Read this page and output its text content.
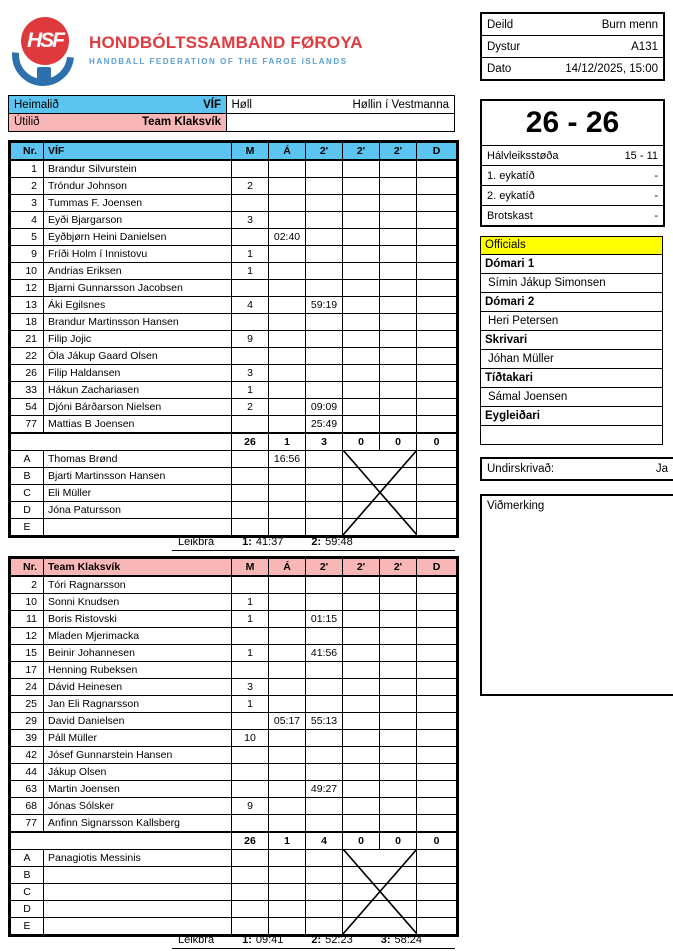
HSF HONDBÓLTSSAMBAND FØROYA
HANDBALL FEDERATION OF THE FAROE ISLANDS
Deild	Burn menn
Dystur	A131
Dato	14/12/2025, 15:00
Heimalið	VÍF Høll	Høllin í Vestmanna
Útilið	Team Klaksvík	26 - 26
Hálvleiksstøða	15 - 11
1. eykatíð	-
2. eykatíð	-
Brotskast	-
Officials
Dómari 1
Símin Jákup Simonsen
Dómari 2
Heri Petersen
Skrivari
Jóhan Müller
Tíðtakari
Sámal Joensen
Eygleiðari
Undirskrivað:	Ja
Viðmerking
Nr.	VÍF	M	Á	2'	2'	2'	D
1	Brandur Silvurstein						
2	Tróndur Johnson	2					
3	Tummas F. Joensen						
4	Eyði Bjargarson	3					
5	Eyðbjørn Heini Danielsen		02:40				
9	Fríði Holm í Innistovu	1					
10	Andrias Eriksen	1					
12	Bjarni Gunnarsson Jacobsen						
13	Áki Egilsnes	4		59:19			
18	Brandur Martinsson Hansen						
21	Filip Jojic	9					
22	Óla Jákup Gaard Olsen						
26	Filip Haldansen	3					
33	Hákun Zachariasen	1					
54	Djóni Bárðarson Nielsen	2		09:09			
77	Mattias B Joensen			25:49			
		26	1	3	0	0	0
A	Thomas Brønd		16:56				
B	Bjarti Martinsson Hansen						
C	Eli Müller						
D	Jóna Patursson						
E							
Leikbrá	1: 41:37	2: 59:48
Nr.	Team Klaksvík	M	Á	2'	2'	2'	D
2	Tóri Ragnarsson						
10	Sonni Knudsen	1					
11	Boris Ristovski	1		01:15			
12	Mladen Mjerimacka						
15	Beinir Johannesen	1		41:56			
17	Henning Rubeksen						
24	Dávid Heinesen	3					
25	Jan Eli Ragnarsson	1					
29	David Danielsen		05:17	55:13			
39	Páll Müller	10					
42	Jósef Gunnarstein Hansen						
44	Jákup Olsen						
63	Martin Joensen			49:27			
68	Jónas Sólsker	9					
77	Anfinn Signarsson Kallsberg						
		26	1	4	0	0	0
A	Panagiotis Messinis						
B							
C							
D							
E							
Leikbrá	1: 09:41	2: 52:23	3: 58:24
